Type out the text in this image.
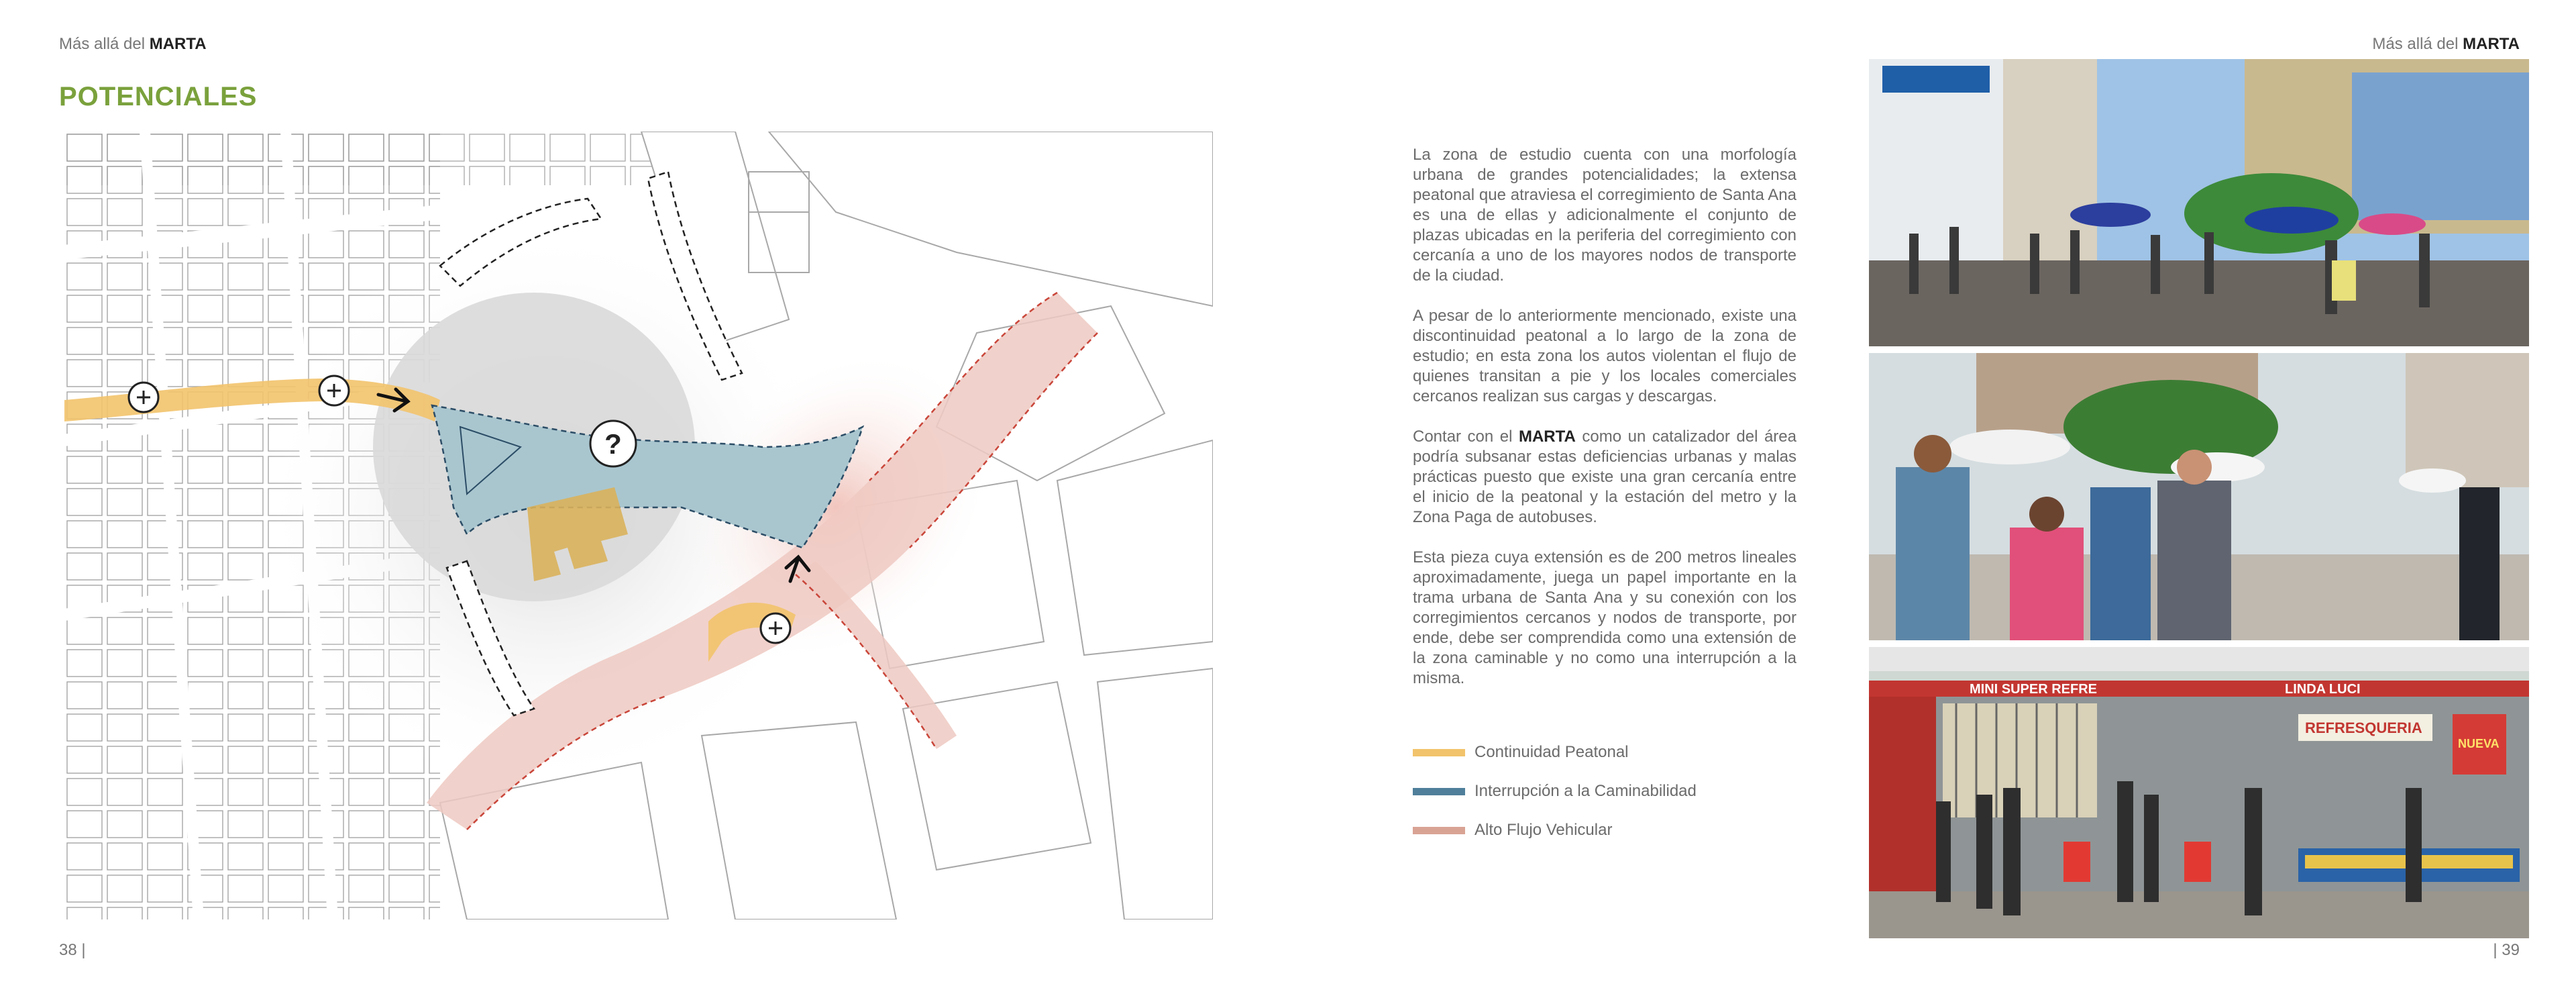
Más allá del MARTA	Más allá del MARTA
POTENCIALES
?

La zona de estudio cuenta con una morfología urbana de grandes potencialidades; la extensa peatonal que atraviesa el corregimiento de Santa Ana es una de ellas y adicionalmente el conjunto de plazas ubicadas en la periferia del corregimiento con cercanía a uno de los mayores nodos de transporte de la ciudad.

A pesar de lo anteriormente mencionado, existe una discontinuidad peatonal a lo largo de la zona de estudio; en esta zona los autos violentan el flujo de quienes transitan a pie y los locales comerciales cercanos realizan sus cargas y descargas.

Contar con el MARTA como un catalizador del área podría subsanar estas deficiencias urbanas y malas prácticas puesto que existe una gran cercanía entre el inicio de la peatonal y la estación del metro y la Zona Paga de autobuses.

Esta pieza cuya extensión es de 200 metros lineales aproximadamente, juega un papel importante en la trama urbana de Santa Ana y su conexión con los corregimientos cercanos y nodos de transporte, por ende, debe ser comprendida como una extensión de la zona caminable y no como una interrupción a la misma.

Continuidad Peatonal
Interrupción a la Caminabilidad
Alto Flujo Vehicular
MINI SUPER REFRE	LINDA LUCI
REFRESQUERIA
NUEVA
38 |	| 39
